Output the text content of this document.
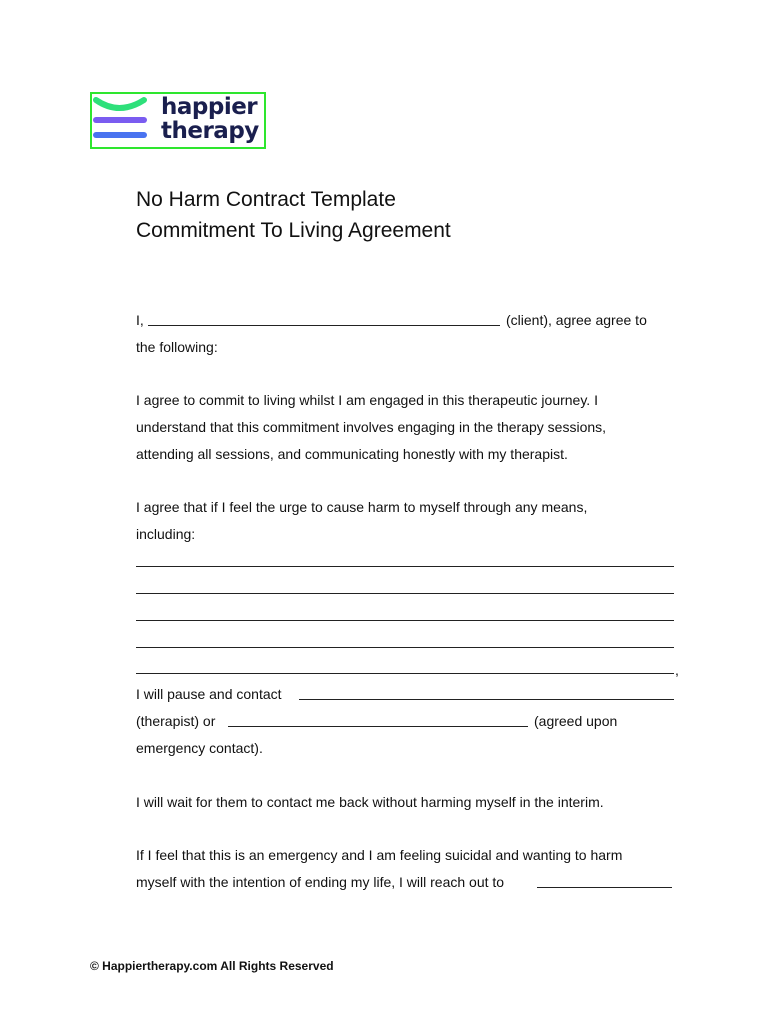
happier
therapy
No Harm Contract Template
Commitment To Living Agreement
I,	(client), agree agree to
the following:
I agree to commit to living whilst I am engaged in this therapeutic journey. I
understand that this commitment involves engaging in the therapy sessions,
attending all sessions, and communicating honestly with my therapist.
I agree that if I feel the urge to cause harm to myself through any means,
including:
,
I will pause and contact
(therapist) or	(agreed upon
emergency contact).
I will wait for them to contact me back without harming myself in the interim.
If I feel that this is an emergency and I am feeling suicidal and wanting to harm
myself with the intention of ending my life, I will reach out to
© Happiertherapy.com All Rights Reserved
